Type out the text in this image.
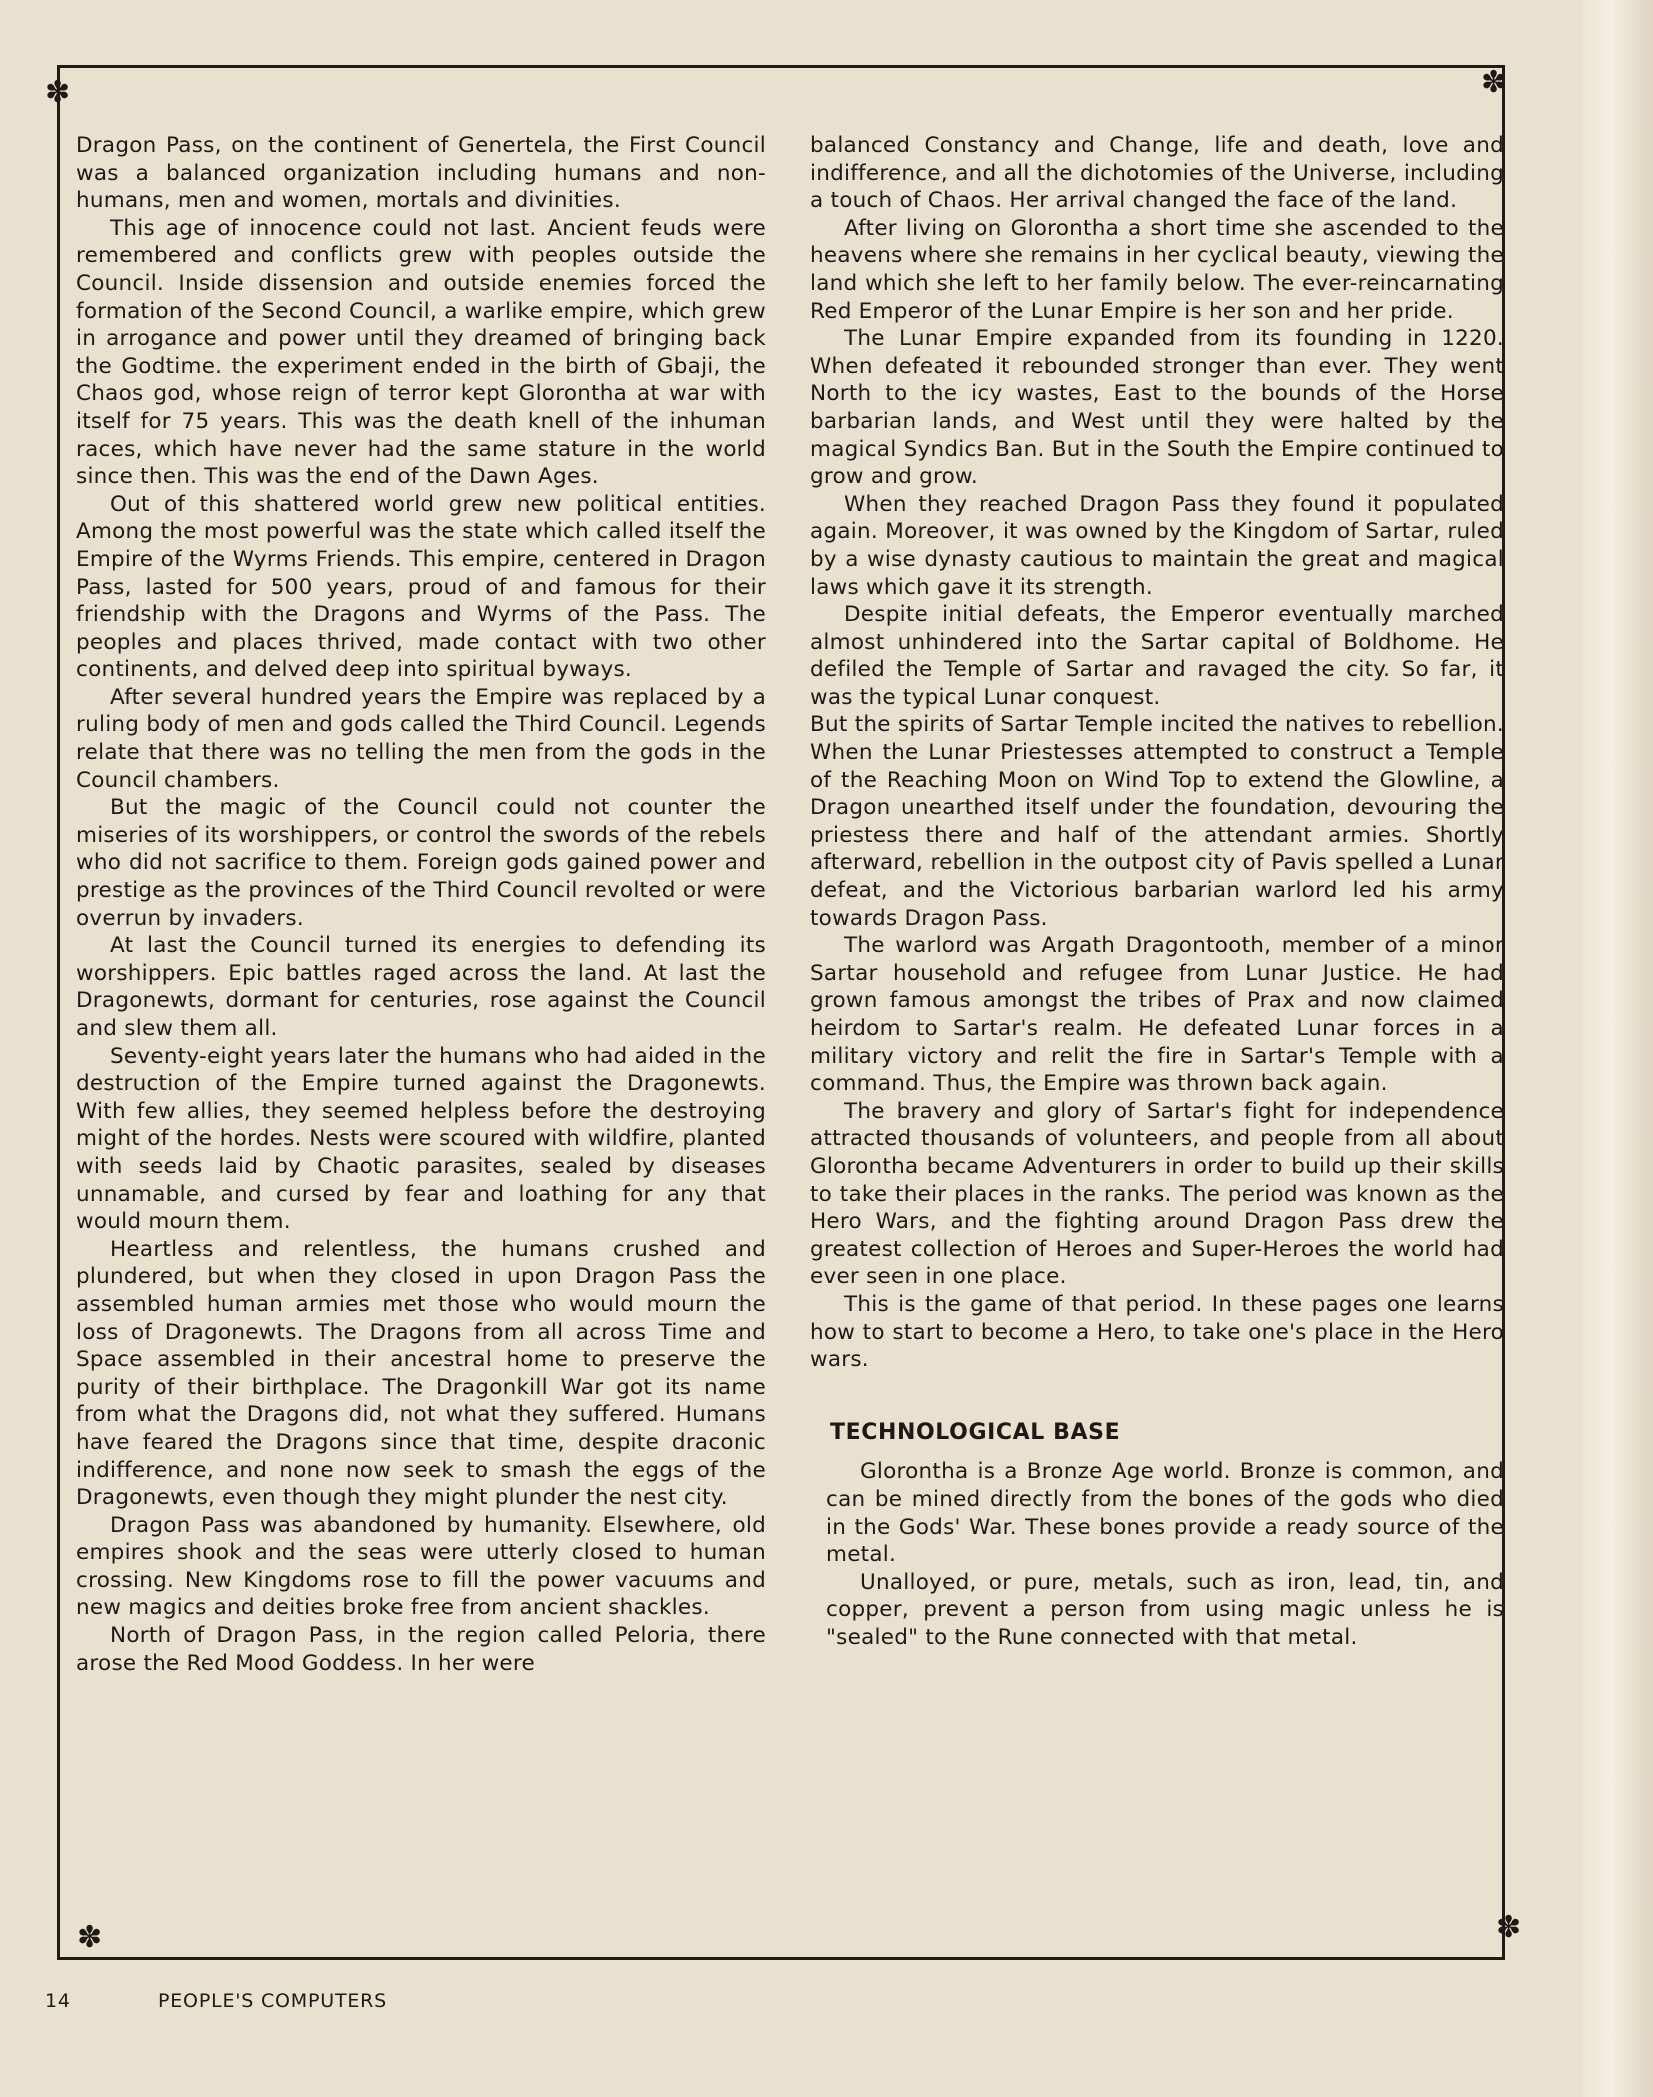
✽	✽
✽	✽

Dragon Pass, on the continent of Genertela, the First Council was a balanced organization including humans and non-humans, men and women, mortals and divinities.

This age of innocence could not last. Ancient feuds were remembered and conflicts grew with peoples outside the Council. Inside dissension and outside enemies forced the formation of the Second Council, a warlike empire, which grew in arrogance and power until they dreamed of bringing back the Godtime. the experiment ended in the birth of Gbaji, the Chaos god, whose reign of terror kept Glorontha at war with itself for 75 years. This was the death knell of the inhuman races, which have never had the same stature in the world since then. This was the end of the Dawn Ages.

Out of this shattered world grew new political entities. Among the most powerful was the state which called itself the Empire of the Wyrms Friends. This empire, centered in Dragon Pass, lasted for 500 years, proud of and famous for their friendship with the Dragons and Wyrms of the Pass. The peoples and places thrived, made contact with two other continents, and delved deep into spiritual byways.

After several hundred years the Empire was replaced by a ruling body of men and gods called the Third Council. Legends relate that there was no telling the men from the gods in the Council chambers.

But the magic of the Council could not counter the miseries of its worshippers, or control the swords of the rebels who did not sacrifice to them. Foreign gods gained power and prestige as the provinces of the Third Council revolted or were overrun by invaders.

At last the Council turned its energies to defending its worshippers. Epic battles raged across the land. At last the Dragonewts, dormant for centuries, rose against the Council and slew them all.

Seventy-eight years later the humans who had aided in the destruction of the Empire turned against the Dragonewts. With few allies, they seemed helpless before the destroying might of the hordes. Nests were scoured with wildfire, planted with seeds laid by Chaotic parasites, sealed by diseases unnamable, and cursed by fear and loathing for any that would mourn them.

Heartless and relentless, the humans crushed and plundered, but when they closed in upon Dragon Pass the assembled human armies met those who would mourn the loss of Dragonewts. The Dragons from all across Time and Space assembled in their ancestral home to preserve the purity of their birthplace. The Dragonkill War got its name from what the Dragons did, not what they suffered. Humans have feared the Dragons since that time, despite draconic indifference, and none now seek to smash the eggs of the Dragonewts, even though they might plunder the nest city.

Dragon Pass was abandoned by humanity. Elsewhere, old empires shook and the seas were utterly closed to human crossing. New Kingdoms rose to fill the power vacuums and new magics and deities broke free from ancient shackles.

North of Dragon Pass, in the region called Peloria, there arose the Red Mood Goddess. In her were

balanced Constancy and Change, life and death, love and indifference, and all the dichotomies of the Universe, including a touch of Chaos. Her arrival changed the face of the land.

After living on Glorontha a short time she ascended to the heavens where she remains in her cyclical beauty, viewing the land which she left to her family below. The ever-reincarnating Red Emperor of the Lunar Empire is her son and her pride.

The Lunar Empire expanded from its founding in 1220. When defeated it rebounded stronger than ever. They went North to the icy wastes, East to the bounds of the Horse barbarian lands, and West until they were halted by the magical Syndics Ban. But in the South the Empire continued to grow and grow.

When they reached Dragon Pass they found it populated again. Moreover, it was owned by the Kingdom of Sartar, ruled by a wise dynasty cautious to maintain the great and magical laws which gave it its strength.

Despite initial defeats, the Emperor eventually marched almost unhindered into the Sartar capital of Boldhome. He defiled the Temple of Sartar and ravaged the city. So far, it was the typical Lunar conquest.

But the spirits of Sartar Temple incited the natives to rebellion. When the Lunar Priestesses attempted to construct a Temple of the Reaching Moon on Wind Top to extend the Glowline, a Dragon unearthed itself under the foundation, devouring the priestess there and half of the attendant armies. Shortly afterward, rebellion in the outpost city of Pavis spelled a Lunar defeat, and the Victorious barbarian warlord led his army towards Dragon Pass.

The warlord was Argath Dragontooth, member of a minor Sartar household and refugee from Lunar Justice. He had grown famous amongst the tribes of Prax and now claimed heirdom to Sartar's realm. He defeated Lunar forces in a military victory and relit the fire in Sartar's Temple with a command. Thus, the Empire was thrown back again.

The bravery and glory of Sartar's fight for independence attracted thousands of volunteers, and people from all about Glorontha became Adventurers in order to build up their skills to take their places in the ranks. The period was known as the Hero Wars, and the fighting around Dragon Pass drew the greatest collection of Heroes and Super-Heroes the world had ever seen in one place.

This is the game of that period. In these pages one learns how to start to become a Hero, to take one's place in the Hero wars.

TECHNOLOGICAL BASE

Glorontha is a Bronze Age world. Bronze is common, and can be mined directly from the bones of the gods who died in the Gods' War. These bones provide a ready source of the metal.

Unalloyed, or pure, metals, such as iron, lead, tin, and copper, prevent a person from using magic unless he is "sealed" to the Rune connected with that metal.

14	PEOPLE'S COMPUTERS
